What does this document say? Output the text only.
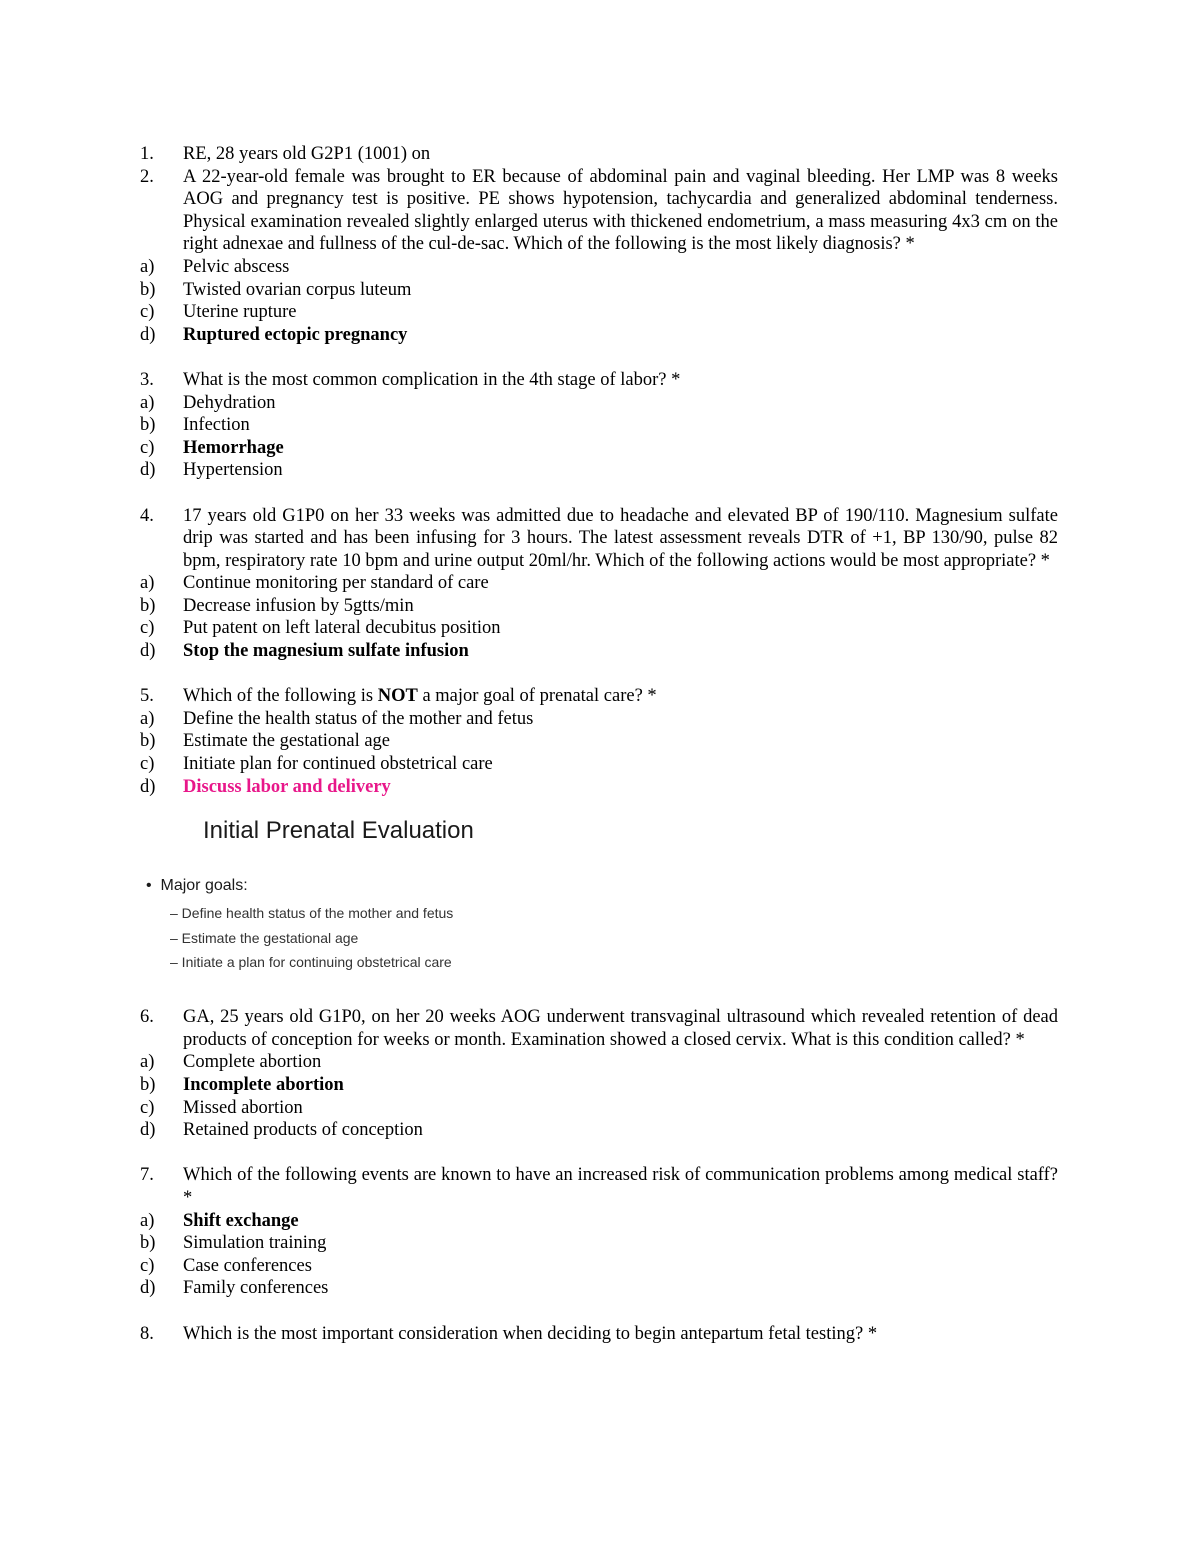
1.	RE, 28 years old G2P1 (1001) on
2.	A 22-year-old female was brought to ER because of abdominal pain and vaginal bleeding. Her LMP was 8 weeks AOG and pregnancy test is positive. PE shows hypotension, tachycardia and generalized abdominal tenderness. Physical examination revealed slightly enlarged uterus with thickened endometrium, a mass measuring 4x3 cm on the right adnexae and fullness of the cul-de-sac. Which of the following is the most likely diagnosis? *
a)	Pelvic abscess
b)	Twisted ovarian corpus luteum
c)	Uterine rupture
d)	Ruptured ectopic pregnancy
3.	What is the most common complication in the 4th stage of labor? *
a)	Dehydration
b)	Infection
c)	Hemorrhage
d)	Hypertension
4.	17 years old G1P0 on her 33 weeks was admitted due to headache and elevated BP of 190/110. Magnesium sulfate drip was started and has been infusing for 3 hours. The latest assessment reveals DTR of +1, BP 130/90, pulse 82 bpm, respiratory rate 10 bpm and urine output 20ml/hr. Which of the following actions would be most appropriate? *
a)	Continue monitoring per standard of care
b)	Decrease infusion by 5gtts/min
c)	Put patent on left lateral decubitus position
d)	Stop the magnesium sulfate infusion
5.	Which of the following is NOT a major goal of prenatal care? *
a)	Define the health status of the mother and fetus
b)	Estimate the gestational age
c)	Initiate plan for continued obstetrical care
d)	Discuss labor and delivery
Initial Prenatal Evaluation
• Major goals:
– Define health status of the mother and fetus
– Estimate the gestational age
– Initiate a plan for continuing obstetrical care
6.	GA, 25 years old G1P0, on her 20 weeks AOG underwent transvaginal ultrasound which revealed retention of dead products of conception for weeks or month. Examination showed a closed cervix. What is this condition called? *
a)	Complete abortion
b)	Incomplete abortion
c)	Missed abortion
d)	Retained products of conception
7.	Which of the following events are known to have an increased risk of communication problems among medical staff? *
a)	Shift exchange
b)	Simulation training
c)	Case conferences
d)	Family conferences
8.	Which is the most important consideration when deciding to begin antepartum fetal testing? *
